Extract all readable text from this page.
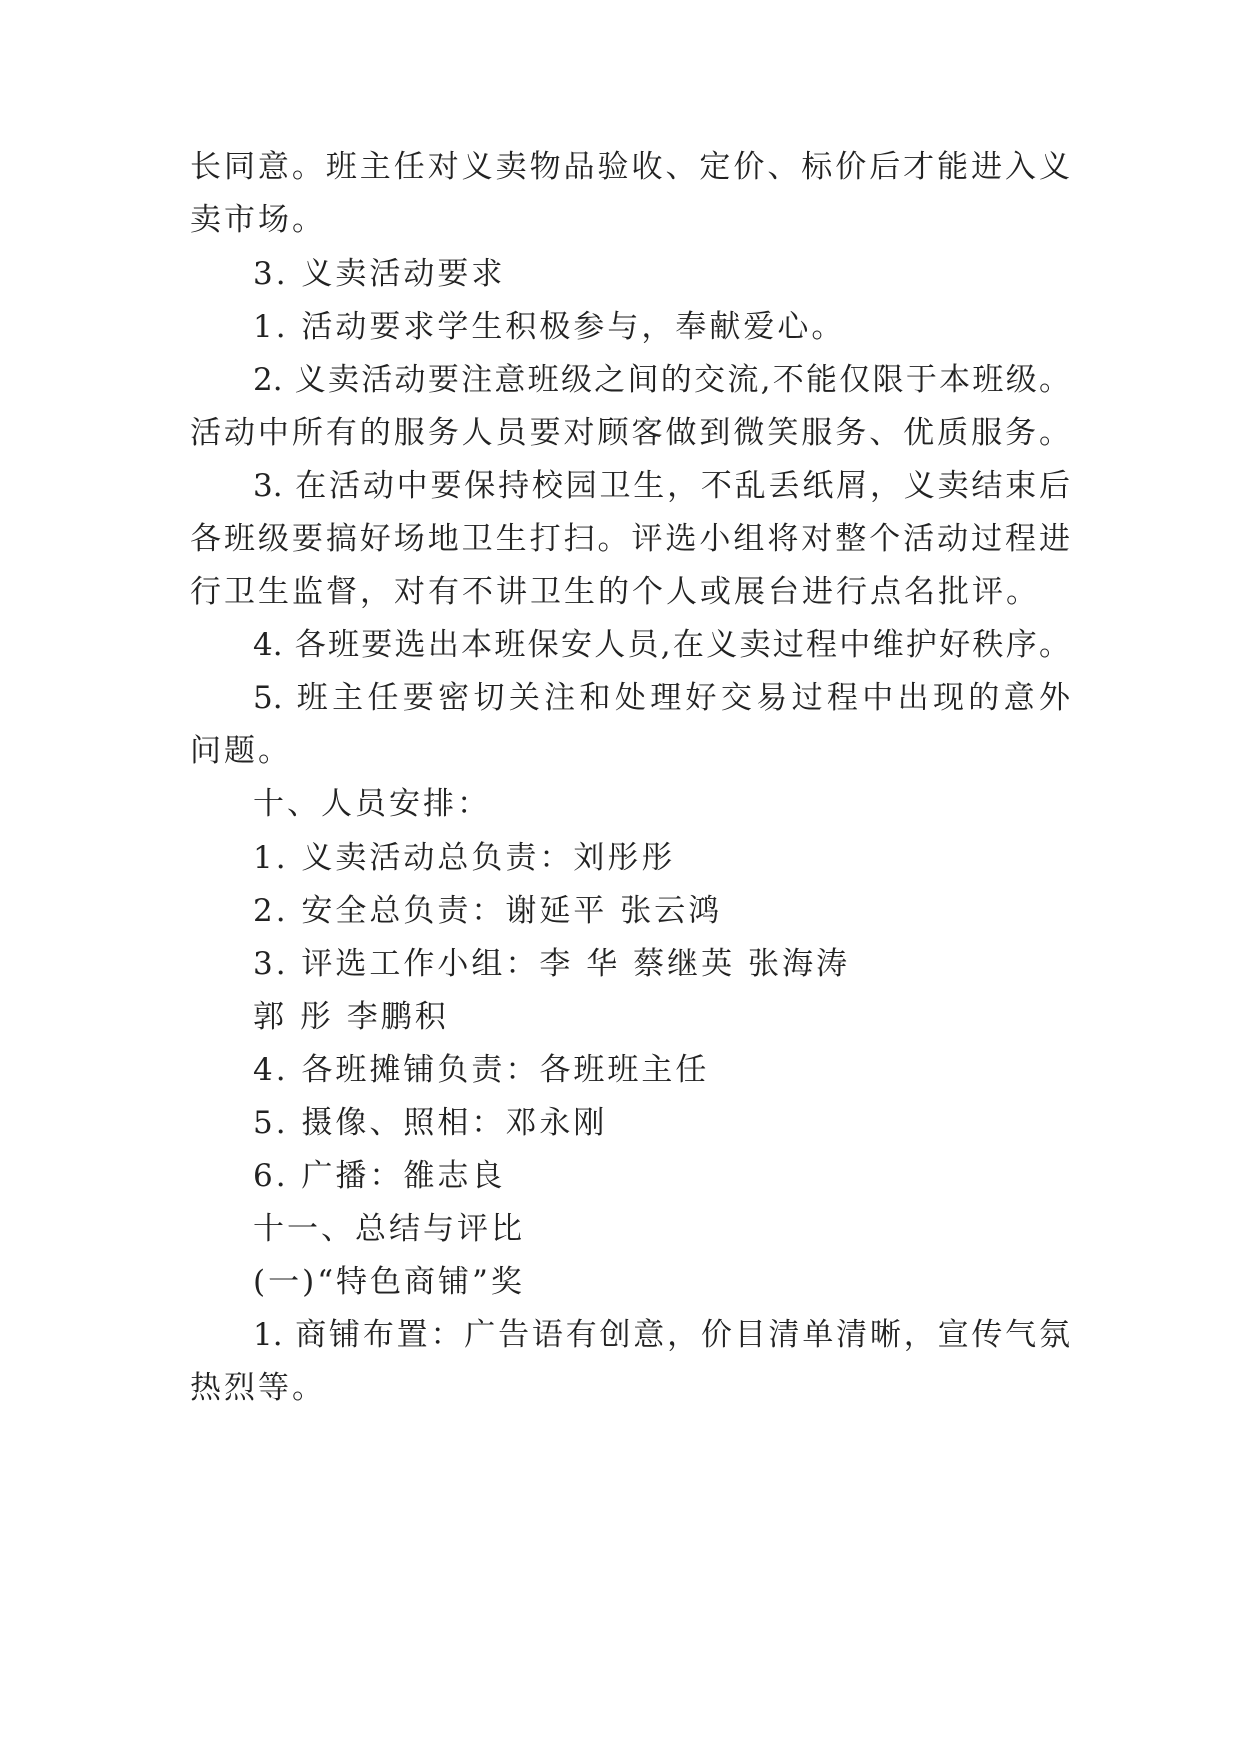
长同意。班主任对义卖物品验收、定价、标价后才能进入义
卖市场。
3. 义卖活动要求
1. 活动要求学生积极参与，奉献爱心。
2. 义卖活动要注意班级之间的交流,不能仅限于本班级。
活动中所有的服务人员要对顾客做到微笑服务、优质服务。
3. 在活动中要保持校园卫生，不乱丢纸屑，义卖结束后
各班级要搞好场地卫生打扫。评选小组将对整个活动过程进
行卫生监督，对有不讲卫生的个人或展台进行点名批评。
4. 各班要选出本班保安人员,在义卖过程中维护好秩序。
5. 班主任要密切关注和处理好交易过程中出现的意外
问题。
十、人员安排：
1. 义卖活动总负责：刘彤彤
2. 安全总负责：谢延平 张云鸿
3. 评选工作小组：李 华 蔡继英 张海涛
郭 彤 李鹏积
4. 各班摊铺负责：各班班主任
5. 摄像、照相：邓永刚
6. 广播：雒志良
十一、总结与评比
(一)“特色商铺”奖
1. 商铺布置：广告语有创意，价目清单清晰，宣传气氛
热烈等。
